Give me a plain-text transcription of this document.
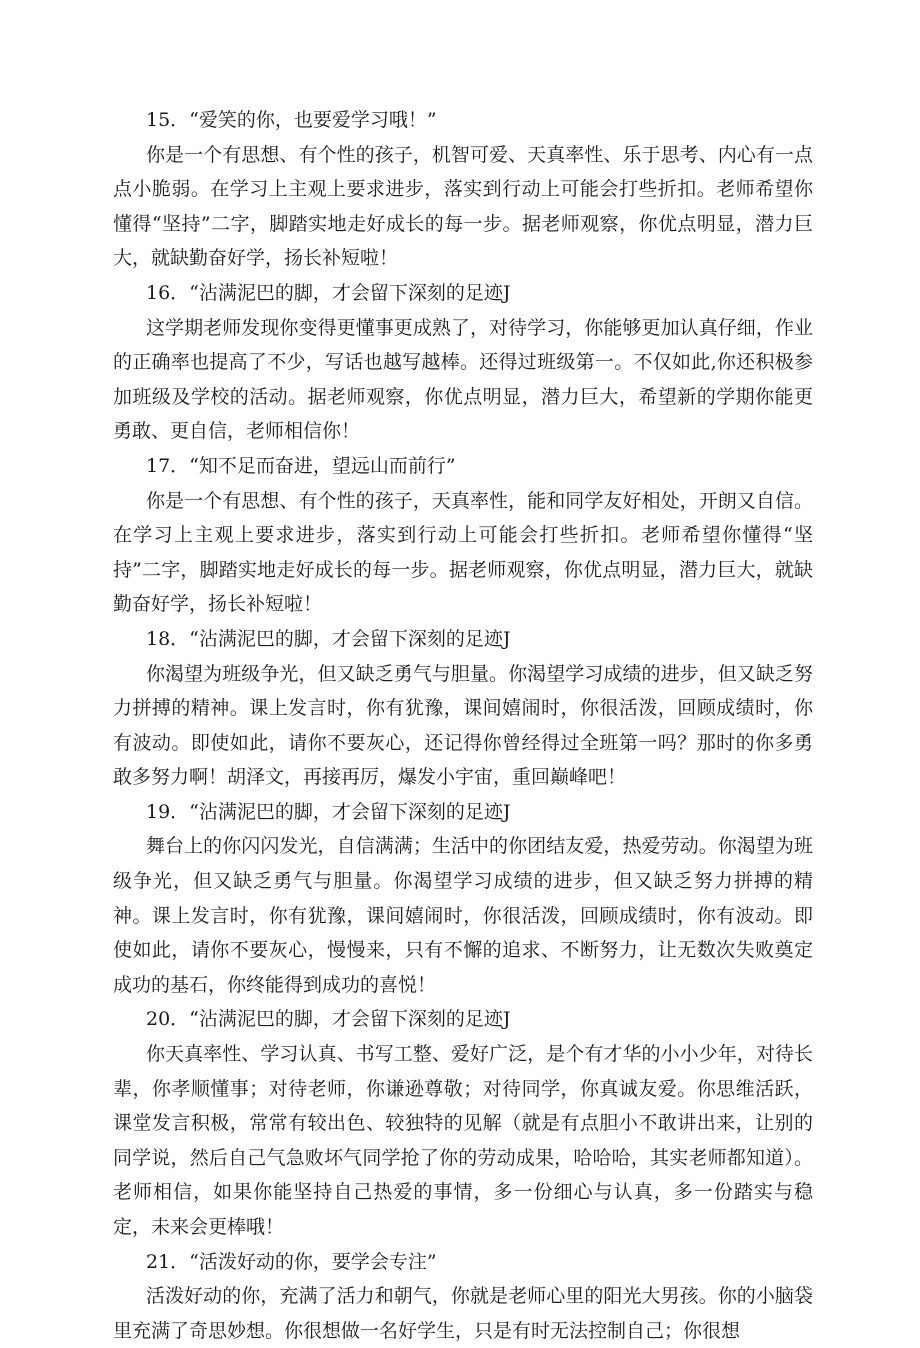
15．“爱笑的你，也要爱学习哦！”

你是一个有思想、有个性的孩子，机智可爱、天真率性、乐于思考、内心有一点点小脆弱。在学习上主观上要求进步，落实到行动上可能会打些折扣。老师希望你懂得“坚持”二字，脚踏实地走好成长的每一步。据老师观察，你优点明显，潜力巨大，就缺勤奋好学，扬长补短啦！

16．“沾满泥巴的脚，才会留下深刻的足迹J

这学期老师发现你变得更懂事更成熟了，对待学习，你能够更加认真仔细，作业的正确率也提高了不少，写话也越写越棒。还得过班级第一。不仅如此,你还积极参加班级及学校的活动。据老师观察，你优点明显，潜力巨大，希望新的学期你能更勇敢、更自信，老师相信你！

17．“知不足而奋进，望远山而前行”

你是一个有思想、有个性的孩子，天真率性，能和同学友好相处，开朗又自信。在学习上主观上要求进步，落实到行动上可能会打些折扣。老师希望你懂得“坚持”二字，脚踏实地走好成长的每一步。据老师观察，你优点明显，潜力巨大，就缺勤奋好学，扬长补短啦！

18．“沾满泥巴的脚，才会留下深刻的足迹J

你渴望为班级争光，但又缺乏勇气与胆量。你渴望学习成绩的进步，但又缺乏努力拼搏的精神。课上发言时，你有犹豫，课间嬉闹时，你很活泼，回顾成绩时，你有波动。即使如此，请你不要灰心，还记得你曾经得过全班第一吗？那时的你多勇敢多努力啊！胡泽文，再接再厉，爆发小宇宙，重回巅峰吧！

19．“沾满泥巴的脚，才会留下深刻的足迹J

舞台上的你闪闪发光，自信满满；生活中的你团结友爱，热爱劳动。你渴望为班级争光，但又缺乏勇气与胆量。你渴望学习成绩的进步，但又缺乏努力拼搏的精神。课上发言时，你有犹豫，课间嬉闹时，你很活泼，回顾成绩时，你有波动。即使如此，请你不要灰心，慢慢来，只有不懈的追求、不断努力，让无数次失败奠定成功的基石，你终能得到成功的喜悦！

20．“沾满泥巴的脚，才会留下深刻的足迹J

你天真率性、学习认真、书写工整、爱好广泛，是个有才华的小小少年，对待长辈，你孝顺懂事；对待老师，你谦逊尊敬；对待同学，你真诚友爱。你思维活跃，课堂发言积极，常常有较出色、较独特的见解（就是有点胆小不敢讲出来，让别的同学说，然后自己气急败坏气同学抢了你的劳动成果，哈哈哈，其实老师都知道）。老师相信，如果你能坚持自己热爱的事情，多一份细心与认真，多一份踏实与稳定，未来会更棒哦！

21．“活泼好动的你，要学会专注”

活泼好动的你，充满了活力和朝气，你就是老师心里的阳光大男孩。你的小脑袋里充满了奇思妙想。你很想做一名好学生，只是有时无法控制自己；你很想
